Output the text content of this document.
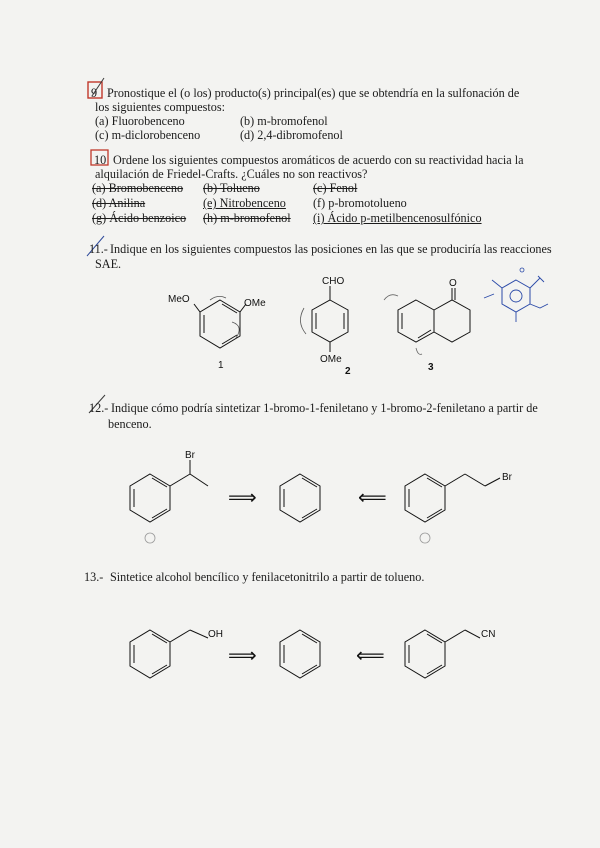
9 Pronostique el (o los) producto(s) principal(es) que se obtendría en la sulfonación de
los siguientes compuestos:
(a) Fluorobenceno	(b) m-bromofenol
(c) m-diclorobenceno	(d) 2,4-dibromofenol
10 Ordene los siguientes compuestos aromáticos de acuerdo con su reactividad hacia la
alquilación de Friedel-Crafts. ¿Cuáles no son reactivos?
(a) Bromobenceno (b) Tolueno	(c) Fenol
(d) Anilina	(e) Nitrobenceno (f) p-bromotolueno
(g) Ácido benzoico (h) m-bromofenol (i) Ácido p-metilbencenosulfónico
11.- Indique en los siguientes compuestos las posiciones en las que se produciría las reacciones
SAE.
MeO	OMe
1
CHO
OMe
2
O
3
12.- Indique cómo podría sintetizar 1-bromo-1-feniletano y 1-bromo-2-feniletano a partir de
benceno.
Br
⟹	⟸
Br
13.- Sintetice alcohol bencílico y fenilacetonitrilo a partir de tolueno.
OH
⟹	⟸
CN
